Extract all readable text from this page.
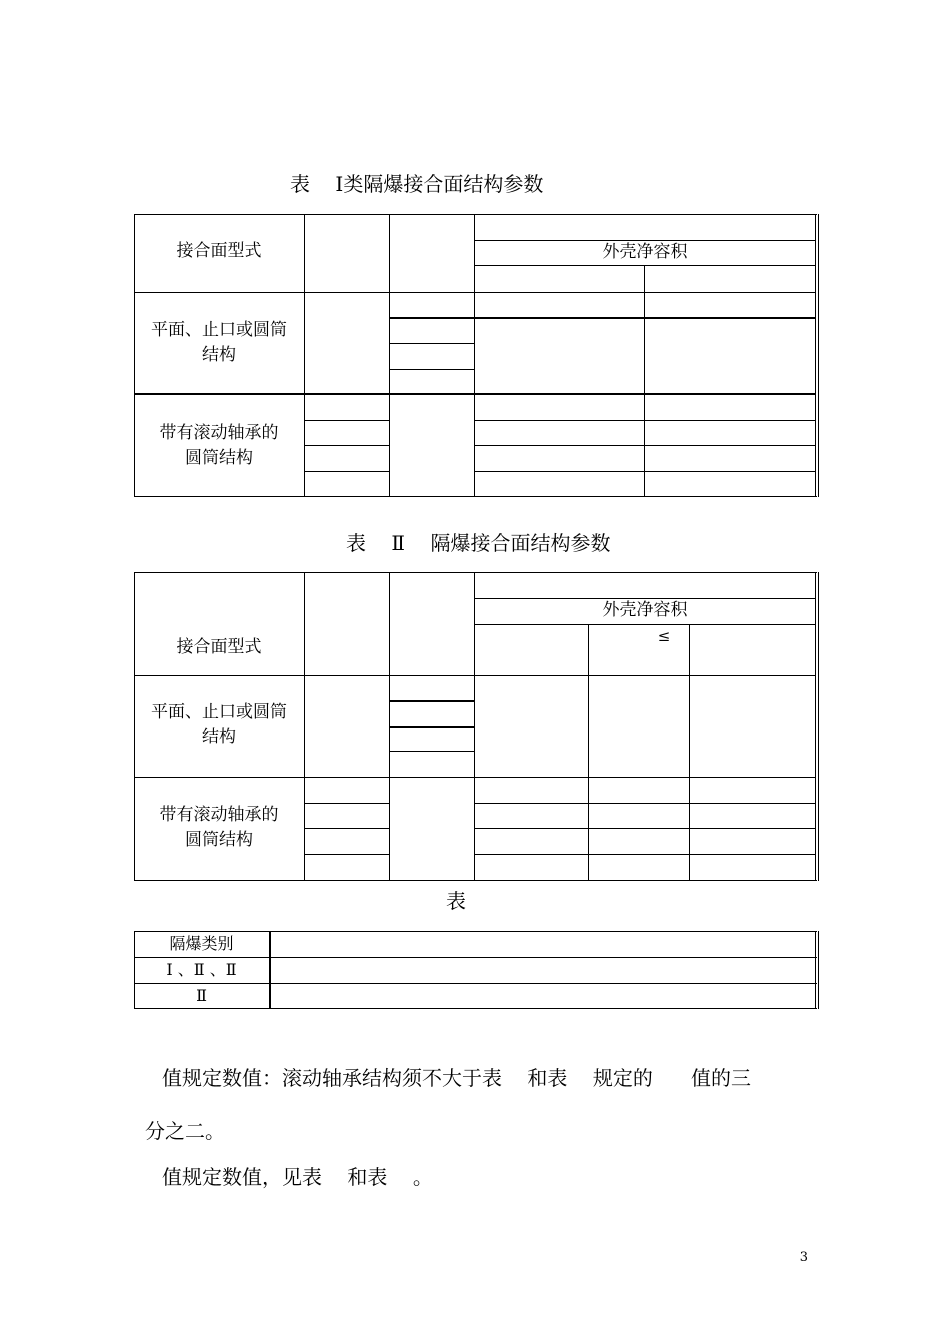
表    Ⅰ类隔爆接合面结构参数
接合面型式	外壳净容积
平面、止口或圆筒
结构
带有滚动轴承的
圆筒结构
表    Ⅱ    隔爆接合面结构参数
外壳净容积
≤
接合面型式
平面、止口或圆筒
结构
带有滚动轴承的
圆筒结构
表
隔爆类别
Ⅰ 、Ⅱ 、Ⅱ
Ⅱ
值规定数值：滚动轴承结构须不大于表    和表    规定的      值的三
分之二。
值规定数值，见表    和表    。
3
